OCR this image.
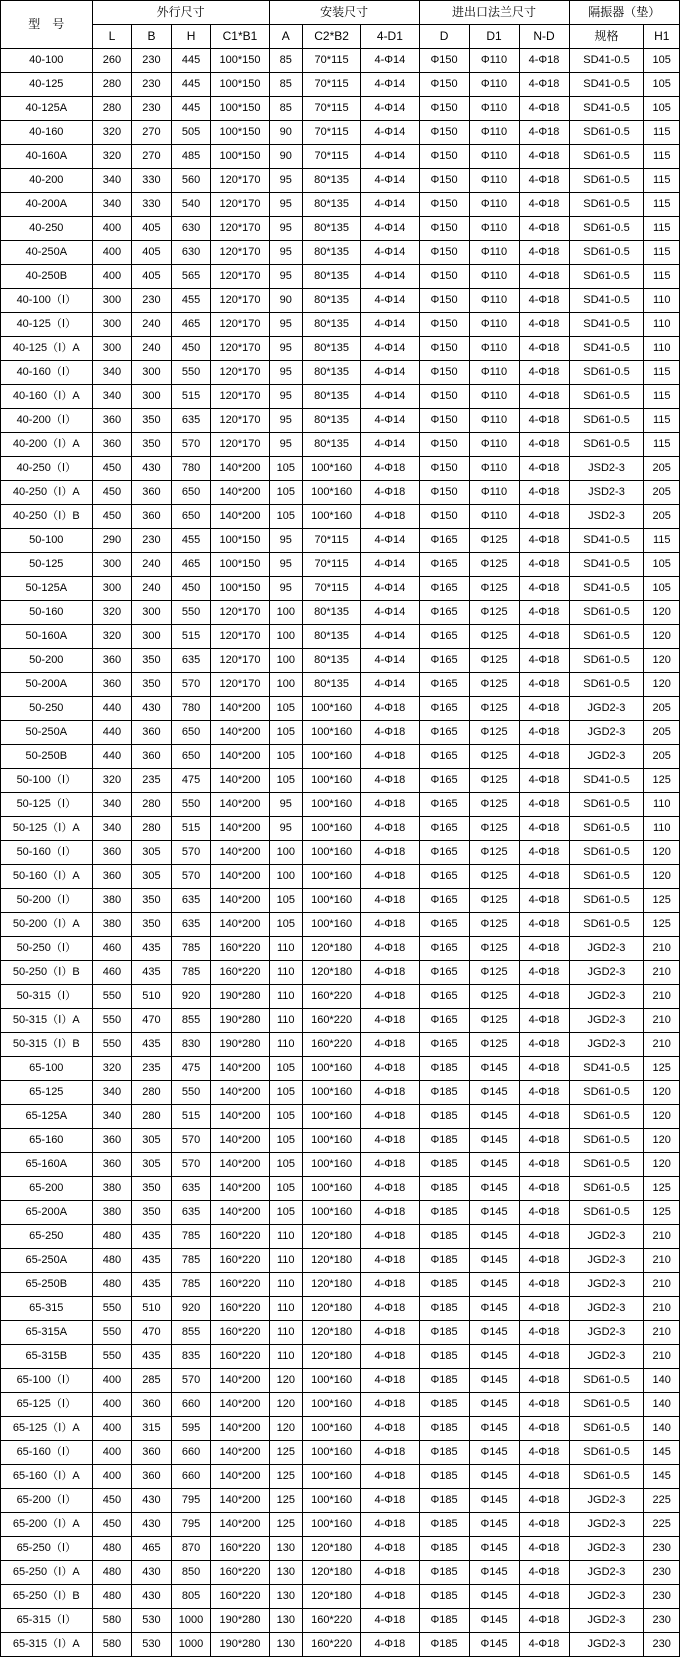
型　号	外行尺寸				安装尺寸			进出口法兰尺寸			隔振器（垫）	
	L	B	H	C1*B1	A	C2*B2	4-D1	D	D1	N-D	规格	H1
40-100	260	230	445	100*150	85	70*115	4-Φ14	Φ150	Φ110	4-Φ18	SD41-0.5	105
40-125	280	230	445	100*150	85	70*115	4-Φ14	Φ150	Φ110	4-Φ18	SD41-0.5	105
40-125A	280	230	445	100*150	85	70*115	4-Φ14	Φ150	Φ110	4-Φ18	SD41-0.5	105
40-160	320	270	505	100*150	90	70*115	4-Φ14	Φ150	Φ110	4-Φ18	SD61-0.5	115
40-160A	320	270	485	100*150	90	70*115	4-Φ14	Φ150	Φ110	4-Φ18	SD61-0.5	115
40-200	340	330	560	120*170	95	80*135	4-Φ14	Φ150	Φ110	4-Φ18	SD61-0.5	115
40-200A	340	330	540	120*170	95	80*135	4-Φ14	Φ150	Φ110	4-Φ18	SD61-0.5	115
40-250	400	405	630	120*170	95	80*135	4-Φ14	Φ150	Φ110	4-Φ18	SD61-0.5	115
40-250A	400	405	630	120*170	95	80*135	4-Φ14	Φ150	Φ110	4-Φ18	SD61-0.5	115
40-250B	400	405	565	120*170	95	80*135	4-Φ14	Φ150	Φ110	4-Φ18	SD61-0.5	115
40-100（Ⅰ）	300	230	455	120*170	90	80*135	4-Φ14	Φ150	Φ110	4-Φ18	SD41-0.5	110
40-125（Ⅰ）	300	240	465	120*170	95	80*135	4-Φ14	Φ150	Φ110	4-Φ18	SD41-0.5	110
40-125（Ⅰ）A	300	240	450	120*170	95	80*135	4-Φ14	Φ150	Φ110	4-Φ18	SD41-0.5	110
40-160（Ⅰ）	340	300	550	120*170	95	80*135	4-Φ14	Φ150	Φ110	4-Φ18	SD61-0.5	115
40-160（Ⅰ）A	340	300	515	120*170	95	80*135	4-Φ14	Φ150	Φ110	4-Φ18	SD61-0.5	115
40-200（Ⅰ）	360	350	635	120*170	95	80*135	4-Φ14	Φ150	Φ110	4-Φ18	SD61-0.5	115
40-200（Ⅰ）A	360	350	570	120*170	95	80*135	4-Φ14	Φ150	Φ110	4-Φ18	SD61-0.5	115
40-250（Ⅰ）	450	430	780	140*200	105	100*160	4-Φ18	Φ150	Φ110	4-Φ18	JSD2-3	205
40-250（Ⅰ）A	450	360	650	140*200	105	100*160	4-Φ18	Φ150	Φ110	4-Φ18	JSD2-3	205
40-250（Ⅰ）B	450	360	650	140*200	105	100*160	4-Φ18	Φ150	Φ110	4-Φ18	JSD2-3	205
50-100	290	230	455	100*150	95	70*115	4-Φ14	Φ165	Φ125	4-Φ18	SD41-0.5	115
50-125	300	240	465	100*150	95	70*115	4-Φ14	Φ165	Φ125	4-Φ18	SD41-0.5	105
50-125A	300	240	450	100*150	95	70*115	4-Φ14	Φ165	Φ125	4-Φ18	SD41-0.5	105
50-160	320	300	550	120*170	100	80*135	4-Φ14	Φ165	Φ125	4-Φ18	SD61-0.5	120
50-160A	320	300	515	120*170	100	80*135	4-Φ14	Φ165	Φ125	4-Φ18	SD61-0.5	120
50-200	360	350	635	120*170	100	80*135	4-Φ14	Φ165	Φ125	4-Φ18	SD61-0.5	120
50-200A	360	350	570	120*170	100	80*135	4-Φ14	Φ165	Φ125	4-Φ18	SD61-0.5	120
50-250	440	430	780	140*200	105	100*160	4-Φ18	Φ165	Φ125	4-Φ18	JGD2-3	205
50-250A	440	360	650	140*200	105	100*160	4-Φ18	Φ165	Φ125	4-Φ18	JGD2-3	205
50-250B	440	360	650	140*200	105	100*160	4-Φ18	Φ165	Φ125	4-Φ18	JGD2-3	205
50-100（Ⅰ）	320	235	475	140*200	105	100*160	4-Φ18	Φ165	Φ125	4-Φ18	SD41-0.5	125
50-125（Ⅰ）	340	280	550	140*200	95	100*160	4-Φ18	Φ165	Φ125	4-Φ18	SD61-0.5	110
50-125（Ⅰ）A	340	280	515	140*200	95	100*160	4-Φ18	Φ165	Φ125	4-Φ18	SD61-0.5	110
50-160（Ⅰ）	360	305	570	140*200	100	100*160	4-Φ18	Φ165	Φ125	4-Φ18	SD61-0.5	120
50-160（Ⅰ）A	360	305	570	140*200	100	100*160	4-Φ18	Φ165	Φ125	4-Φ18	SD61-0.5	120
50-200（Ⅰ）	380	350	635	140*200	105	100*160	4-Φ18	Φ165	Φ125	4-Φ18	SD61-0.5	125
50-200（Ⅰ）A	380	350	635	140*200	105	100*160	4-Φ18	Φ165	Φ125	4-Φ18	SD61-0.5	125
50-250（Ⅰ）	460	435	785	160*220	110	120*180	4-Φ18	Φ165	Φ125	4-Φ18	JGD2-3	210
50-250（Ⅰ）B	460	435	785	160*220	110	120*180	4-Φ18	Φ165	Φ125	4-Φ18	JGD2-3	210
50-315（Ⅰ）	550	510	920	190*280	110	160*220	4-Φ18	Φ165	Φ125	4-Φ18	JGD2-3	210
50-315（Ⅰ）A	550	470	855	190*280	110	160*220	4-Φ18	Φ165	Φ125	4-Φ18	JGD2-3	210
50-315（Ⅰ）B	550	435	830	190*280	110	160*220	4-Φ18	Φ165	Φ125	4-Φ18	JGD2-3	210
65-100	320	235	475	140*200	105	100*160	4-Φ18	Φ185	Φ145	4-Φ18	SD41-0.5	125
65-125	340	280	550	140*200	105	100*160	4-Φ18	Φ185	Φ145	4-Φ18	SD61-0.5	120
65-125A	340	280	515	140*200	105	100*160	4-Φ18	Φ185	Φ145	4-Φ18	SD61-0.5	120
65-160	360	305	570	140*200	105	100*160	4-Φ18	Φ185	Φ145	4-Φ18	SD61-0.5	120
65-160A	360	305	570	140*200	105	100*160	4-Φ18	Φ185	Φ145	4-Φ18	SD61-0.5	120
65-200	380	350	635	140*200	105	100*160	4-Φ18	Φ185	Φ145	4-Φ18	SD61-0.5	125
65-200A	380	350	635	140*200	105	100*160	4-Φ18	Φ185	Φ145	4-Φ18	SD61-0.5	125
65-250	480	435	785	160*220	110	120*180	4-Φ18	Φ185	Φ145	4-Φ18	JGD2-3	210
65-250A	480	435	785	160*220	110	120*180	4-Φ18	Φ185	Φ145	4-Φ18	JGD2-3	210
65-250B	480	435	785	160*220	110	120*180	4-Φ18	Φ185	Φ145	4-Φ18	JGD2-3	210
65-315	550	510	920	160*220	110	120*180	4-Φ18	Φ185	Φ145	4-Φ18	JGD2-3	210
65-315A	550	470	855	160*220	110	120*180	4-Φ18	Φ185	Φ145	4-Φ18	JGD2-3	210
65-315B	550	435	835	160*220	110	120*180	4-Φ18	Φ185	Φ145	4-Φ18	JGD2-3	210
65-100（Ⅰ）	400	285	570	140*200	120	100*160	4-Φ18	Φ185	Φ145	4-Φ18	SD61-0.5	140
65-125（Ⅰ）	400	360	660	140*200	120	100*160	4-Φ18	Φ185	Φ145	4-Φ18	SD61-0.5	140
65-125（Ⅰ）A	400	315	595	140*200	120	100*160	4-Φ18	Φ185	Φ145	4-Φ18	SD61-0.5	140
65-160（Ⅰ）	400	360	660	140*200	125	100*160	4-Φ18	Φ185	Φ145	4-Φ18	SD61-0.5	145
65-160（Ⅰ）A	400	360	660	140*200	125	100*160	4-Φ18	Φ185	Φ145	4-Φ18	SD61-0.5	145
65-200（Ⅰ）	450	430	795	140*200	125	100*160	4-Φ18	Φ185	Φ145	4-Φ18	JGD2-3	225
65-200（Ⅰ）A	450	430	795	140*200	125	100*160	4-Φ18	Φ185	Φ145	4-Φ18	JGD2-3	225
65-250（Ⅰ）	480	465	870	160*220	130	120*180	4-Φ18	Φ185	Φ145	4-Φ18	JGD2-3	230
65-250（Ⅰ）A	480	430	850	160*220	130	120*180	4-Φ18	Φ185	Φ145	4-Φ18	JGD2-3	230
65-250（Ⅰ）B	480	430	805	160*220	130	120*180	4-Φ18	Φ185	Φ145	4-Φ18	JGD2-3	230
65-315（Ⅰ）	580	530	1000	190*280	130	160*220	4-Φ18	Φ185	Φ145	4-Φ18	JGD2-3	230
65-315（Ⅰ）A	580	530	1000	190*280	130	160*220	4-Φ18	Φ185	Φ145	4-Φ18	JGD2-3	230
